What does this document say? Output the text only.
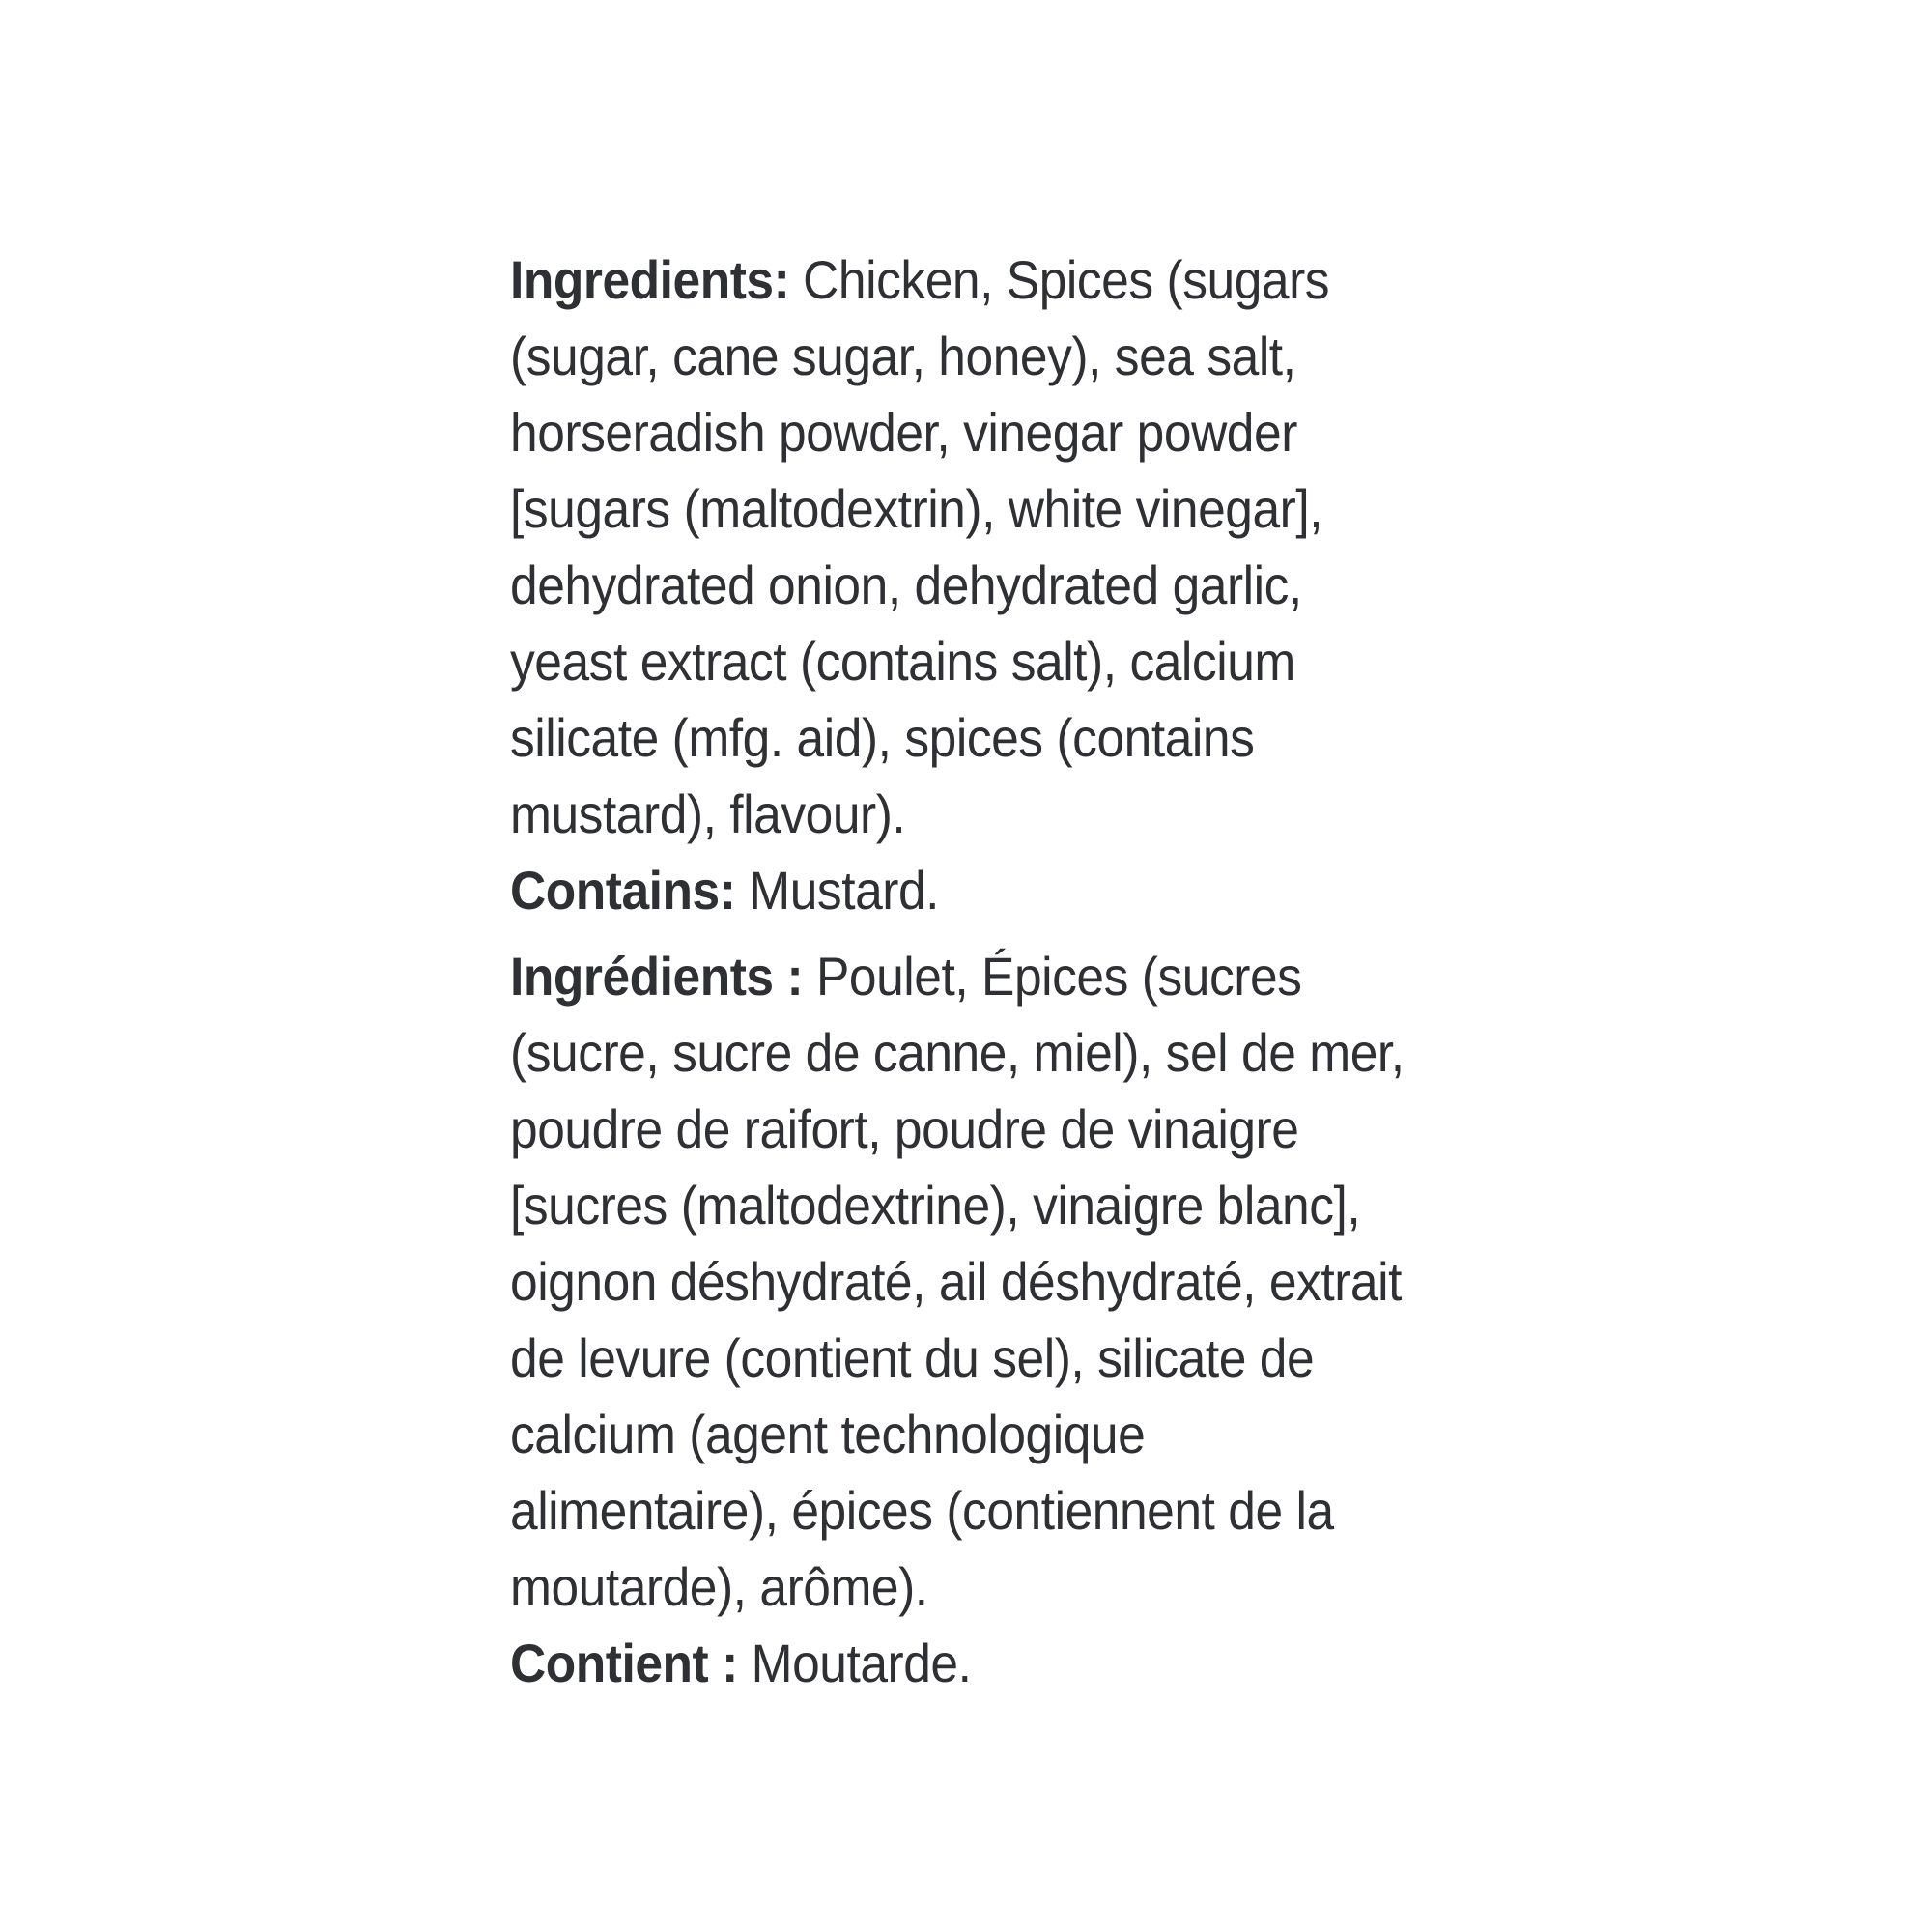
Ingredients: Chicken, Spices (sugars
(sugar, cane sugar, honey), sea salt,
horseradish powder, vinegar powder
[sugars (maltodextrin), white vinegar],
dehydrated onion, dehydrated garlic,
yeast extract (contains salt), calcium
silicate (mfg. aid), spices (contains
mustard), flavour).
Contains: Mustard.
Ingrédients : Poulet, Épices (sucres
(sucre, sucre de canne, miel), sel de mer,
poudre de raifort, poudre de vinaigre
[sucres (maltodextrine), vinaigre blanc],
oignon déshydraté, ail déshydraté, extrait
de levure (contient du sel), silicate de
calcium (agent technologique
alimentaire), épices (contiennent de la
moutarde), arôme).
Contient : Moutarde.
